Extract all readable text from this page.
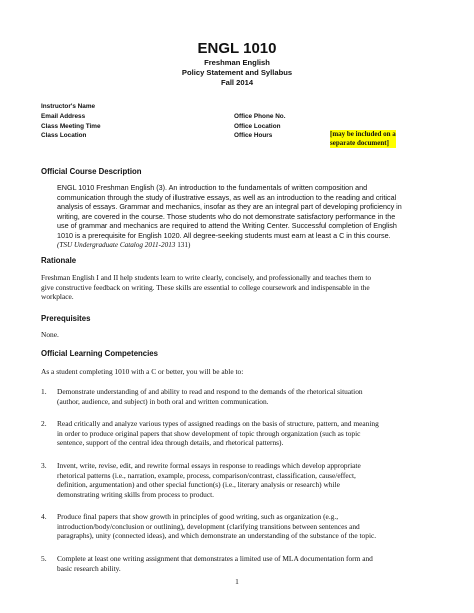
ENGL 1010
Freshman English
Policy Statement and Syllabus
Fall 2014
Instructor's Name
Email Address
Class Meeting Time
Class Location
Office Phone No.
Office Location
Office Hours	[may be included on a
separate document]
Official Course Description
ENGL 1010 Freshman English (3). An introduction to the fundamentals of written composition and
communication through the study of illustrative essays, as well as an introduction to the reading and critical
analysis of essays. Grammar and mechanics, insofar as they are an integral part of developing proficiency in
writing, are covered in the course. Those students who do not demonstrate satisfactory performance in the
use of grammar and mechanics are required to attend the Writing Center. Successful completion of English
1010 is a prerequisite for English 1020. All degree-seeking students must earn at least a C in this course.
(TSU Undergraduate Catalog 2011-2013 131)
Rationale
Freshman English I and II help students learn to write clearly, concisely, and professionally and teaches them to
give constructive feedback on writing. These skills are essential to college coursework and indispensable in the
workplace.
Prerequisites
None.
Official Learning Competencies
As a student completing 1010 with a C or better, you will be able to:
1. Demonstrate understanding of and ability to read and respond to the demands of the rhetorical situation
(author, audience, and subject) in both oral and written communication.
2. Read critically and analyze various types of assigned readings on the basis of structure, pattern, and meaning
in order to produce original papers that show development of topic through organization (such as topic
sentence, support of the central idea through details, and rhetorical patterns).
3. Invent, write, revise, edit, and rewrite formal essays in response to readings which develop appropriate
rhetorical patterns (i.e., narration, example, process, comparison/contrast, classification, cause/effect,
definition, argumentation) and other special function(s) (i.e., literary analysis or research) while
demonstrating writing skills from process to product.
4. Produce final papers that show growth in principles of good writing, such as organization (e.g.,
introduction/body/conclusion or outlining), development (clarifying transitions between sentences and
paragraphs), unity (connected ideas), and which demonstrate an understanding of the substance of the topic.
5. Complete at least one writing assignment that demonstrates a limited use of MLA documentation form and
basic research ability.
1
